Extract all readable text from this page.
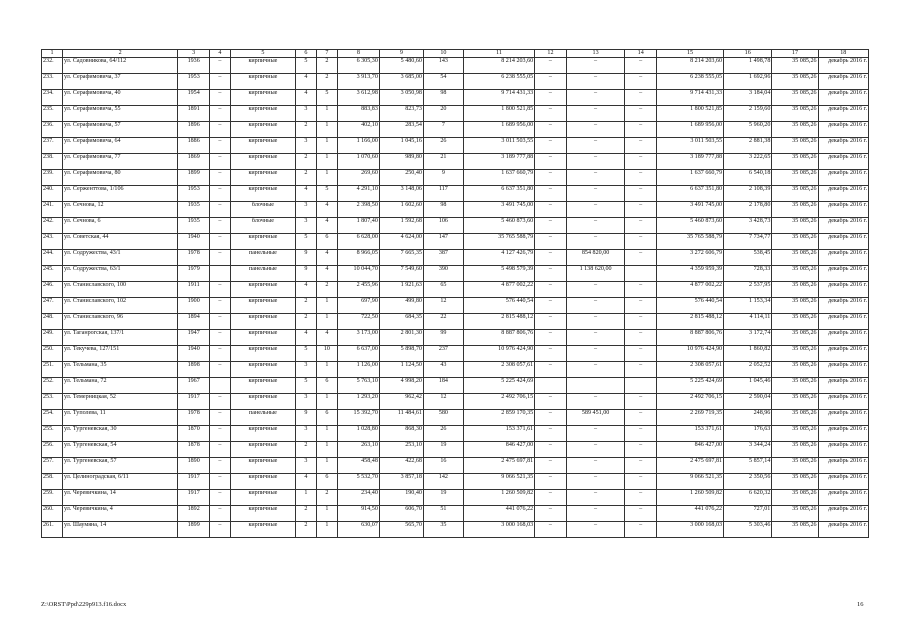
1	2	3	4	5	6	7	8	9	10	11	12	13	14	15	16	17	18
232.	ул. Садовникова, 64/112	1936	–	кирпичные	5	2	6 305,30	5 480,60	143	8 214 203,60	–	–	–	8 214 203,60	1 498,78	35 085,26	декабрь 2016 г.
233.	ул. Серафимовича, 37	1953	–	кирпичные	4	2	3 913,70	3 685,00	54	6 238 555,05	–	–	–	6 238 555,05	1 692,96	35 085,26	декабрь 2016 г.
234.	ул. Серафимовича, 40	1954	–	кирпичные	4	5	3 612,98	3 050,98	98	9 714 431,33	–	–	–	9 714 431,33	3 184,04	35 085,26	декабрь 2016 г.
235.	ул. Серафимовича, 55	1891	–	кирпичные	3	1	883,83	823,73	20	1 800 521,85	–	–	–	1 800 521,85	2 159,60	35 085,26	декабрь 2016 г.
236.	ул. Серафимовича, 57	1896	–	кирпичные	2	1	402,10	283,54	7	1 689 956,00	–	–	–	1 689 956,00	5 960,20	35 085,26	декабрь 2016 г.
237.	ул. Серафимовича, 64	1886	–	кирпичные	3	1	1 166,00	1 045,16	26	3 011 503,55	–	–	–	3 011 503,55	2 881,38	35 085,26	декабрь 2016 г.
238.	ул. Серафимовича, 77	1869	–	кирпичные	2	1	1 070,60	989,80	21	3 189 777,88	–	–	–	3 189 777,88	3 222,65	35 085,26	декабрь 2016 г.
239.	ул. Серафимовича, 80	1899	–	кирпичные	2	1	269,60	250,40	9	1 637 660,79	–	–	–	1 637 660,79	6 540,18	35 085,26	декабрь 2016 г.
240.	ул. Серженттова, 1/106	1953	–	кирпичные	4	5	4 291,10	3 148,06	117	6 637 351,80	–	–	–	6 637 351,80	2 108,39	35 085,26	декабрь 2016 г.
241.	ул. Сечнова, 12	1935	–	блочные	3	4	2 398,50	1 602,60	98	3 491 745,00	–	–	–	3 491 745,00	2 178,80	35 085,26	декабрь 2016 г.
242.	ул. Сечнова, 6	1935	–	блочные	3	4	1 807,40	1 592,68	106	5 460 873,60	–	–	–	5 460 873,60	3 428,73	35 085,26	декабрь 2016 г.
243.	ул. Советская, 44	1940	–	кирпичные	5	6	6 628,00	4 624,00	147	35 765 588,79	–	–	–	35 765 588,79	7 734,77	35 085,26	декабрь 2016 г.
244.	ул. Содружества, 43/1	1978	–	панельные	9	4	8 966,05	7 665,35	387	4 127 426,79	–	854 820,00	–	3 272 606,79	538,45	35 085,26	декабрь 2016 г.
245.	ул. Содружества, 63/1	1979		панельные	9	4	10 044,70	7 549,60	390	5 498 579,39	–	1 138 620,00		4 359 959,39	728,33	35 085,26	декабрь 2016 г.
246.	ул. Станиславского, 100	1911	–	кирпичные	4	2	2 455,96	1 921,63	65	4 877 002,22	–	–	–	4 877 002,22	2 537,95	35 085,26	декабрь 2016 г.
247.	ул. Станиславского, 102	1900	–	кирпичные	2	1	697,90	499,80	12	576 440,54	–	–	–	576 440,54	1 153,34	35 085,26	декабрь 2016 г.
248.	ул. Станиславского, 96	1894	–	кирпичные	2	1	722,50	684,35	22	2 815 488,12	–	–	–	2 815 488,12	4 114,11	35 085,26	декабрь 2016 г.
249.	ул. Таганрогская, 137/1	1947	–	кирпичные	4	4	3 173,00	2 801,30	99	8 887 806,76	–	–	–	8 887 806,76	3 172,74	35 085,26	декабрь 2016 г.
250.	ул. Текучева, 127/151	1940	–	кирпичные	5	10	6 637,00	5 898,70	237	10 976 424,90	–	–	–	10 976 424,90	1 860,82	35 085,26	декабрь 2016 г.
251.	ул. Тельмана, 35	1898	–	кирпичные	3	1	1 126,00	1 124,50	43	2 308 057,61	–	–	–	2 308 057,61	2 052,52	35 085,26	декабрь 2016 г.
252.	ул. Тельмана, 72	1967		кирпичные	5	6	5 763,10	4 998,20	184	5 225 424,69				5 225 424,69	1 045,46	35 085,26	декабрь 2016 г.
253.	ул. Темерницкая, 52	1917	–	кирпичные	3	1	1 293,20	962,42	12	2 492 706,15	–	–	–	2 492 706,15	2 590,04	35 085,26	декабрь 2016 г.
254.	ул. Туполева, 11	1978	–	панельные	9	6	15 392,70	11 484,61	580	2 859 170,35	–	589 451,00	–	2 269 719,35	248,96	35 085,26	декабрь 2016 г.
255.	ул. Тургеневская, 30	1870	–	кирпичные	3	1	1 028,80	868,30	26	153 371,61	–	–	–	153 371,61	176,63	35 085,26	декабрь 2016 г.
256.	ул. Тургеневская, 54	1878	–	кирпичные	2	1	263,10	253,10	19	846 427,00	–	–	–	846 427,00	3 344,24	35 085,26	декабрь 2016 г.
257.	ул. Тургеневская, 57	1890	–	кирпичные	3	1	458,48	422,68	16	2 475 697,81	–	–	–	2 475 697,81	5 857,14	35 085,26	декабрь 2016 г.
258.	ул. Целиноградская, 6/11	1917	–	кирпичные	4	6	5 532,70	3 857,18	142	9 066 521,35	–	–	–	9 066 521,35	2 350,56	35 085,26	декабрь 2016 г.
259.	ул. Черевичкина, 14	1917	–	кирпичные	1	2	234,40	190,40	19	1 260 509,82	–	–	–	1 260 509,82	6 620,32	35 085,26	декабрь 2016 г.
260.	ул. Черевичкина, 4	1892	–	кирпичные	2	1	914,50	606,70	51	441 076,22	–	–	–	441 076,22	727,01	35 085,26	декабрь 2016 г.
261.	ул. Шаумяна, 14	1899	–	кирпичные	2	1	630,07	565,70	35	3 000 168,03	–	–	–	3 000 168,03	5 303,46	35 085,26	декабрь 2016 г.
Z:\ORST\Ppd\229p913.f16.docx	16
